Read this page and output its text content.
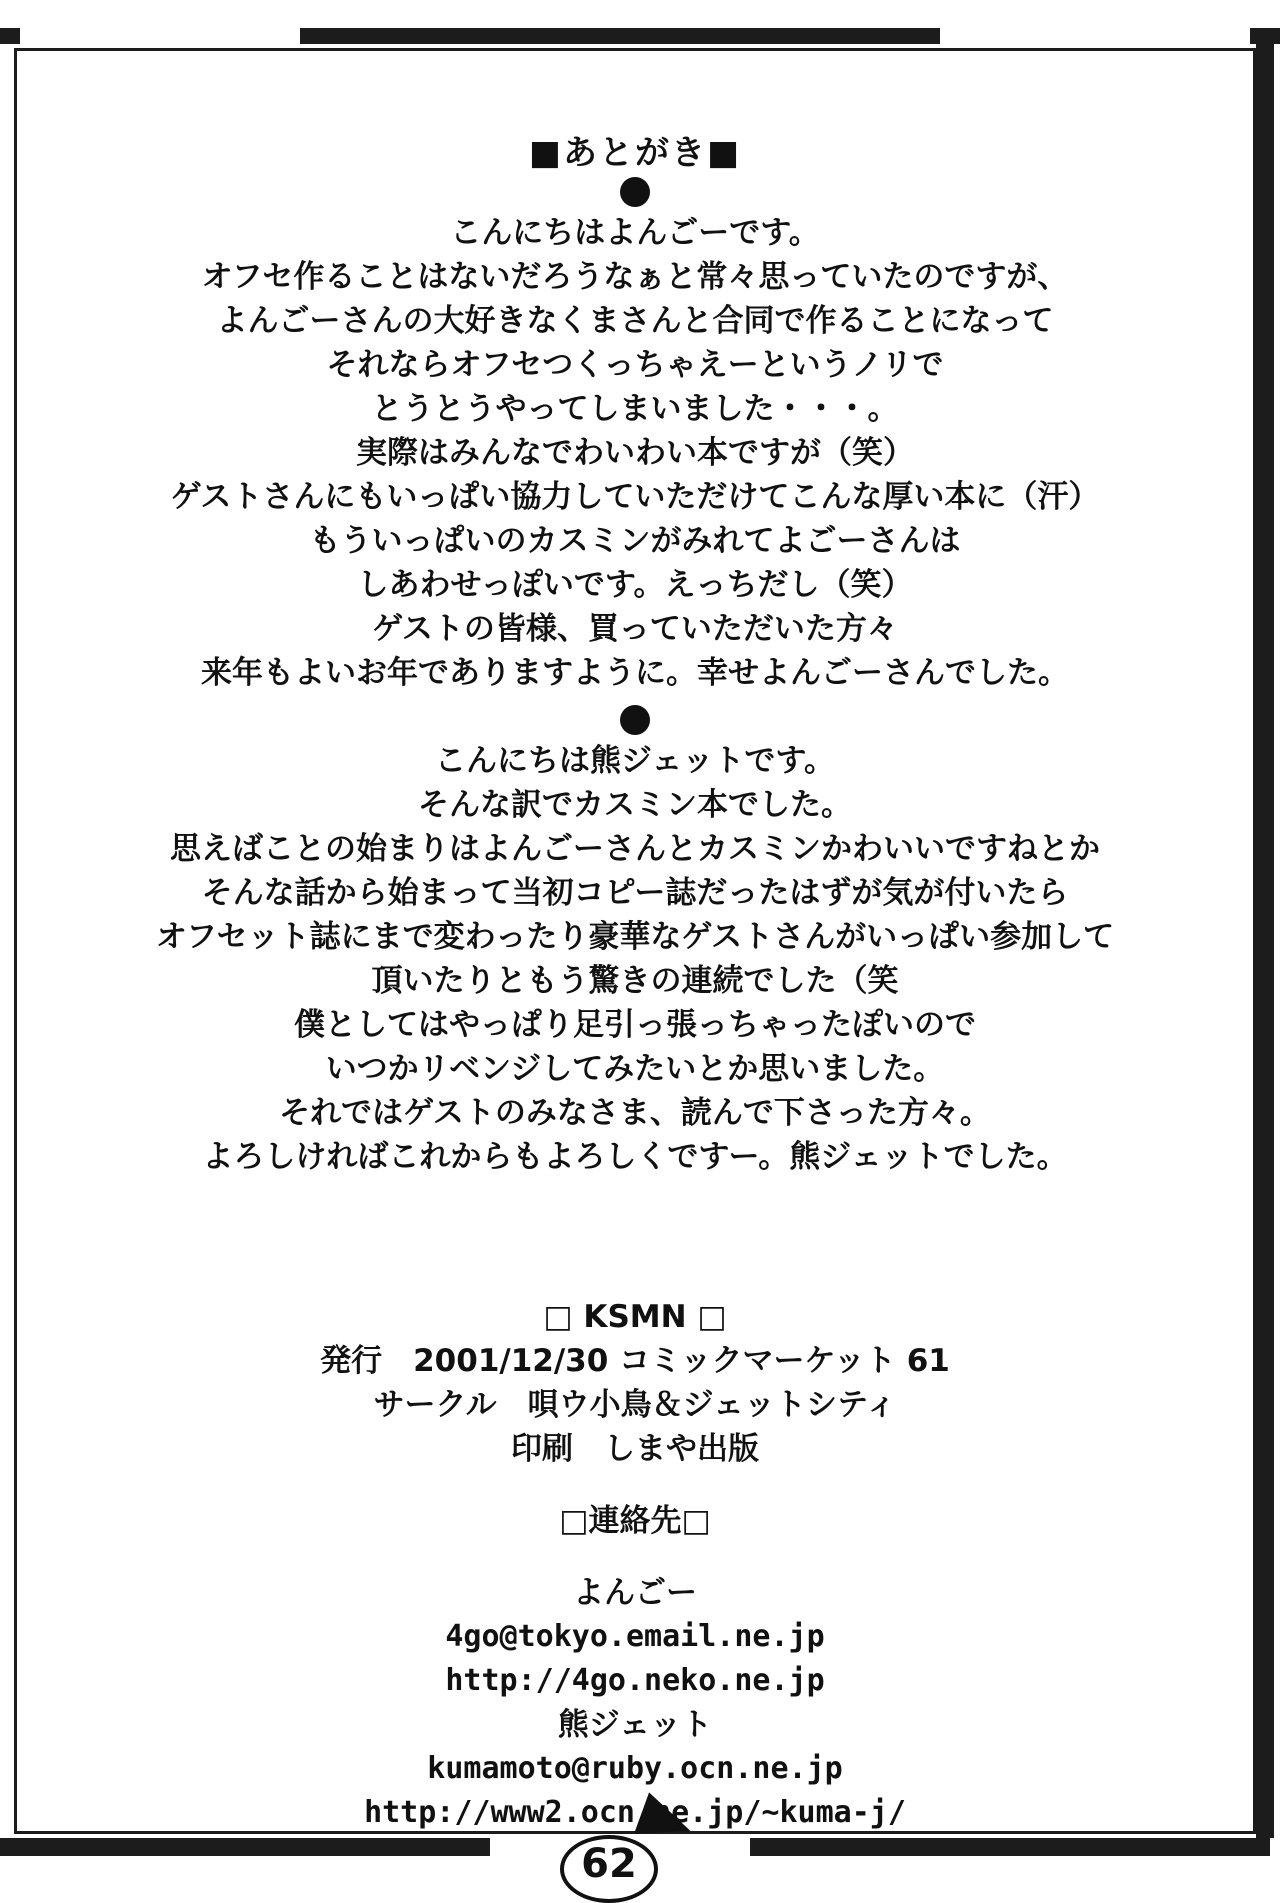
■あとがき■
こんにちはよんごーです。
オフセ作ることはないだろうなぁと常々思っていたのですが、
よんごーさんの大好きなくまさんと合同で作ることになって
それならオフセつくっちゃえーというノリで
とうとうやってしまいました・・・。
実際はみんなでわいわい本ですが（笑）
ゲストさんにもいっぱい協力していただけてこんな厚い本に（汗）
もういっぱいのカスミンがみれてよごーさんは
しあわせっぽいです。えっちだし（笑）
ゲストの皆様、買っていただいた方々
来年もよいお年でありますように。幸せよんごーさんでした。
こんにちは熊ジェットです。
そんな訳でカスミン本でした。
思えばことの始まりはよんごーさんとカスミンかわいいですねとか
そんな話から始まって当初コピー誌だったはずが気が付いたら
オフセット誌にまで変わったり豪華なゲストさんがいっぱい参加して
頂いたりともう驚きの連続でした（笑
僕としてはやっぱり足引っ張っちゃったぽいので
いつかリベンジしてみたいとか思いました。
それではゲストのみなさま、読んで下さった方々。
よろしければこれからもよろしくですー。熊ジェットでした。
□ KSMN □
発行　2001/12/30 コミックマーケット 61
サークル　唄ウ小鳥＆ジェットシティ
印刷　しまや出版
□連絡先□
よんごー
4go@tokyo.email.ne.jp
http://4go.neko.ne.jp
熊ジェット
kumamoto@ruby.ocn.ne.jp
http://www2.ocn.ne.jp/~kuma-j/
62
